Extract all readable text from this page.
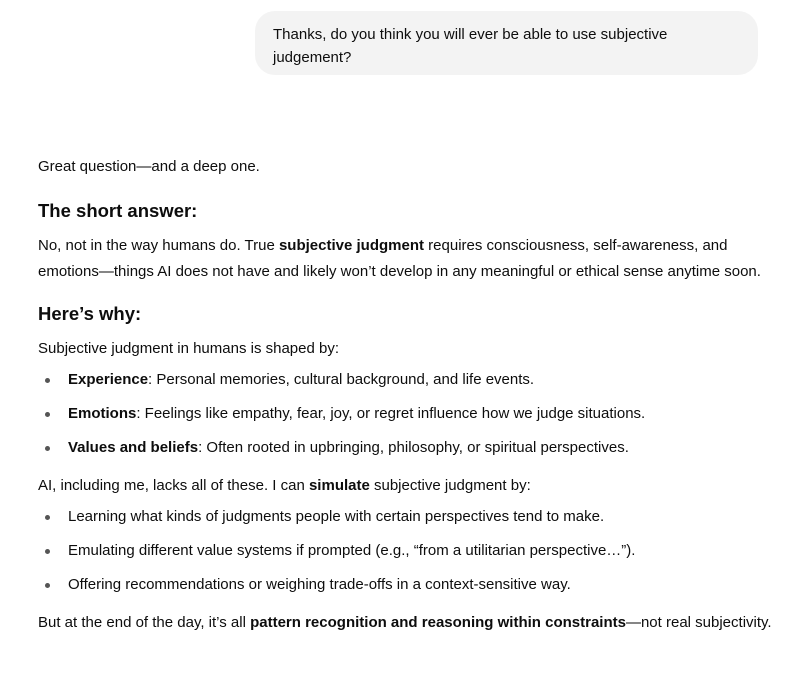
Thanks, do you think you will ever be able to use subjective judgement?

Great question—and a deep one.

The short answer:

No, not in the way humans do. True subjective judgment requires consciousness, self-awareness, and emotions—things AI does not have and likely won’t develop in any meaningful or ethical sense anytime soon.

Here’s why:

Subjective judgment in humans is shaped by:

Experience: Personal memories, cultural background, and life events.
Emotions: Feelings like empathy, fear, joy, or regret influence how we judge situations.
Values and beliefs: Often rooted in upbringing, philosophy, or spiritual perspectives.

AI, including me, lacks all of these. I can simulate subjective judgment by:

Learning what kinds of judgments people with certain perspectives tend to make.
Emulating different value systems if prompted (e.g., “from a utilitarian perspective…”).
Offering recommendations or weighing trade-offs in a context-sensitive way.

But at the end of the day, it’s all pattern recognition and reasoning within constraints—not real subjectivity.
